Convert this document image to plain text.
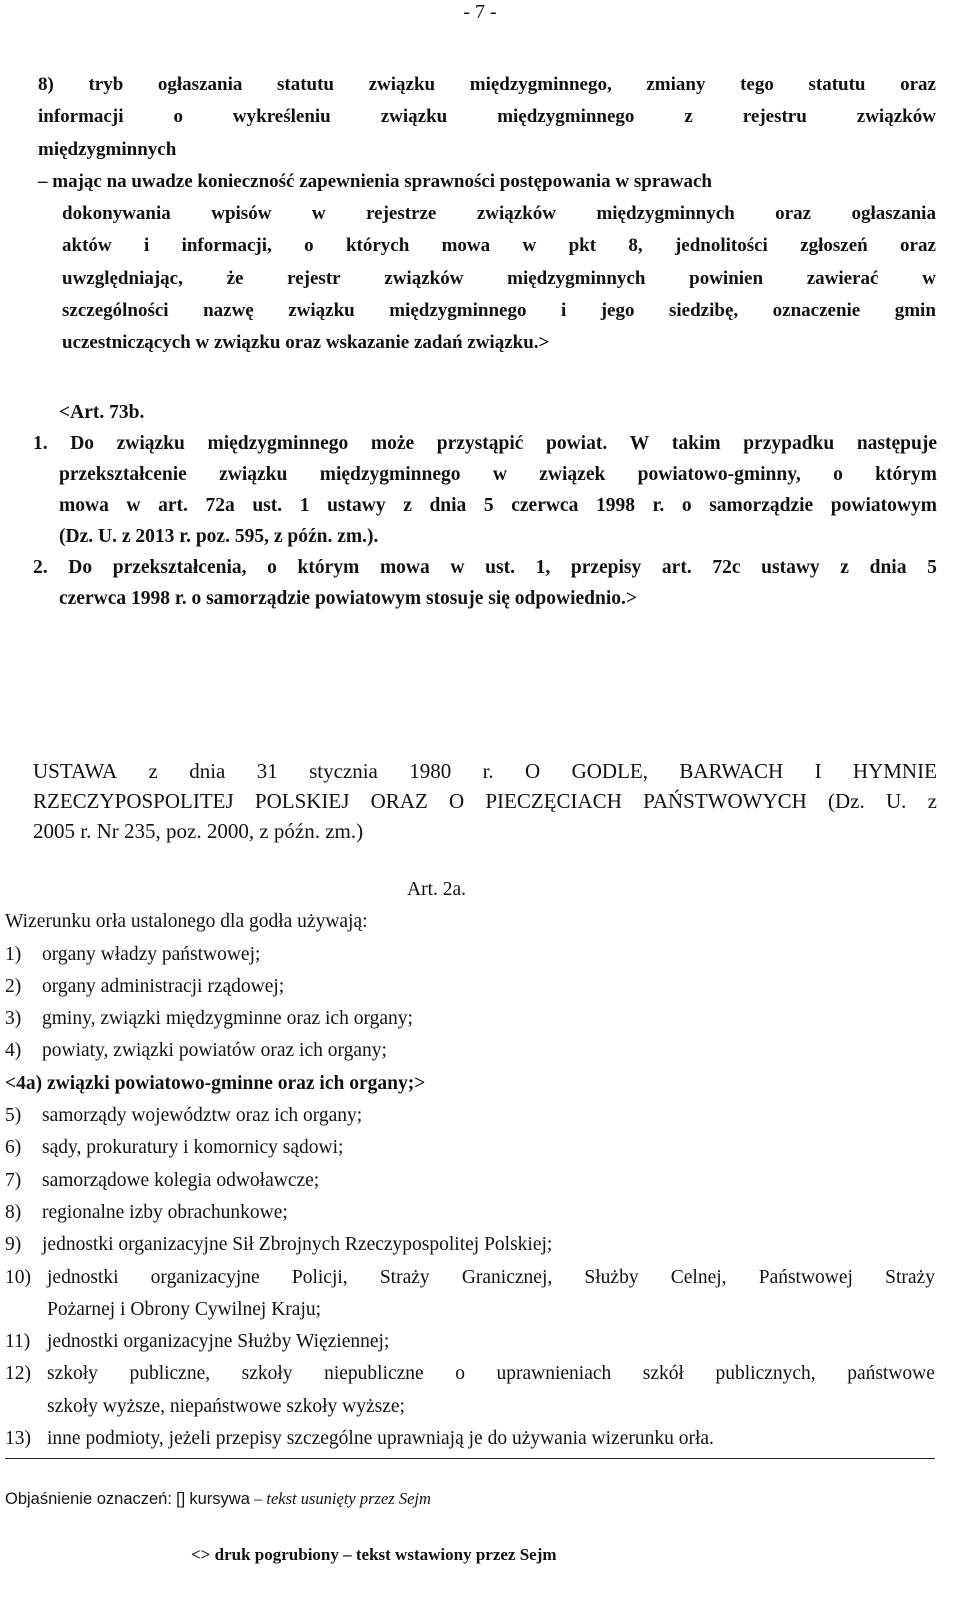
- 7 -
8) tryb ogłaszania statutu związku międzygminnego, zmiany tego statutu oraz
informacji	o	wykreśleniu	związku	międzygminnego	z	rejestru	związków
międzygminnych
– mając na uwadze konieczność zapewnienia sprawności postępowania w sprawach
dokonywania wpisów w rejestrze związków międzygminnych oraz ogłaszania
aktów i informacji, o których mowa w pkt 8, jednolitości zgłoszeń oraz
uwzględniając, że rejestr związków międzygminnych powinien zawierać w
szczególności nazwę związku międzygminnego i jego siedzibę, oznaczenie gmin
uczestniczących w związku oraz wskazanie zadań związku.>
<Art. 73b.
1. Do związku międzygminnego może przystąpić powiat. W takim przypadku następuje
przekształcenie związku międzygminnego w związek powiatowo-gminny, o którym
mowa w art. 72a ust. 1 ustawy z dnia 5 czerwca 1998 r. o samorządzie powiatowym
(Dz. U. z 2013 r. poz. 595, z późn. zm.).
2. Do przekształcenia, o którym mowa w ust. 1, przepisy art. 72c ustawy z dnia 5
czerwca 1998 r. o samorządzie powiatowym stosuje się odpowiednio.>
USTAWA z dnia 31 stycznia 1980 r. O GODLE, BARWACH I HYMNIE
RZECZYPOSPOLITEJ POLSKIEJ ORAZ O PIECZĘCIACH PAŃSTWOWYCH (Dz. U. z
2005 r. Nr 235, poz. 2000, z późn. zm.)
Art. 2a.
Wizerunku orła ustalonego dla godła używają:
1)	organy władzy państwowej;
2)	organy administracji rządowej;
3)	gminy, związki międzygminne oraz ich organy;
4)	powiaty, związki powiatów oraz ich organy;
<4a) związki powiatowo-gminne oraz ich organy;>
5)	samorządy województw oraz ich organy;
6)	sądy, prokuratury i komornicy sądowi;
7)	samorządowe kolegia odwoławcze;
8)	regionalne izby obrachunkowe;
9)	jednostki organizacyjne Sił Zbrojnych Rzeczypospolitej Polskiej;
10) jednostki organizacyjne Policji, Straży Granicznej, Służby Celnej, Państwowej Straży
Pożarnej i Obrony Cywilnej Kraju;
11) jednostki organizacyjne Służby Więziennej;
12) szkoły publiczne, szkoły niepubliczne o uprawnieniach szkół publicznych, państwowe
szkoły wyższe, niepaństwowe szkoły wyższe;
13) inne podmioty, jeżeli przepisy szczególne uprawniają je do używania wizerunku orła.
Objaśnienie oznaczeń: [] kursywa – tekst usunięty przez Sejm
<> druk pogrubiony – tekst wstawiony przez Sejm
